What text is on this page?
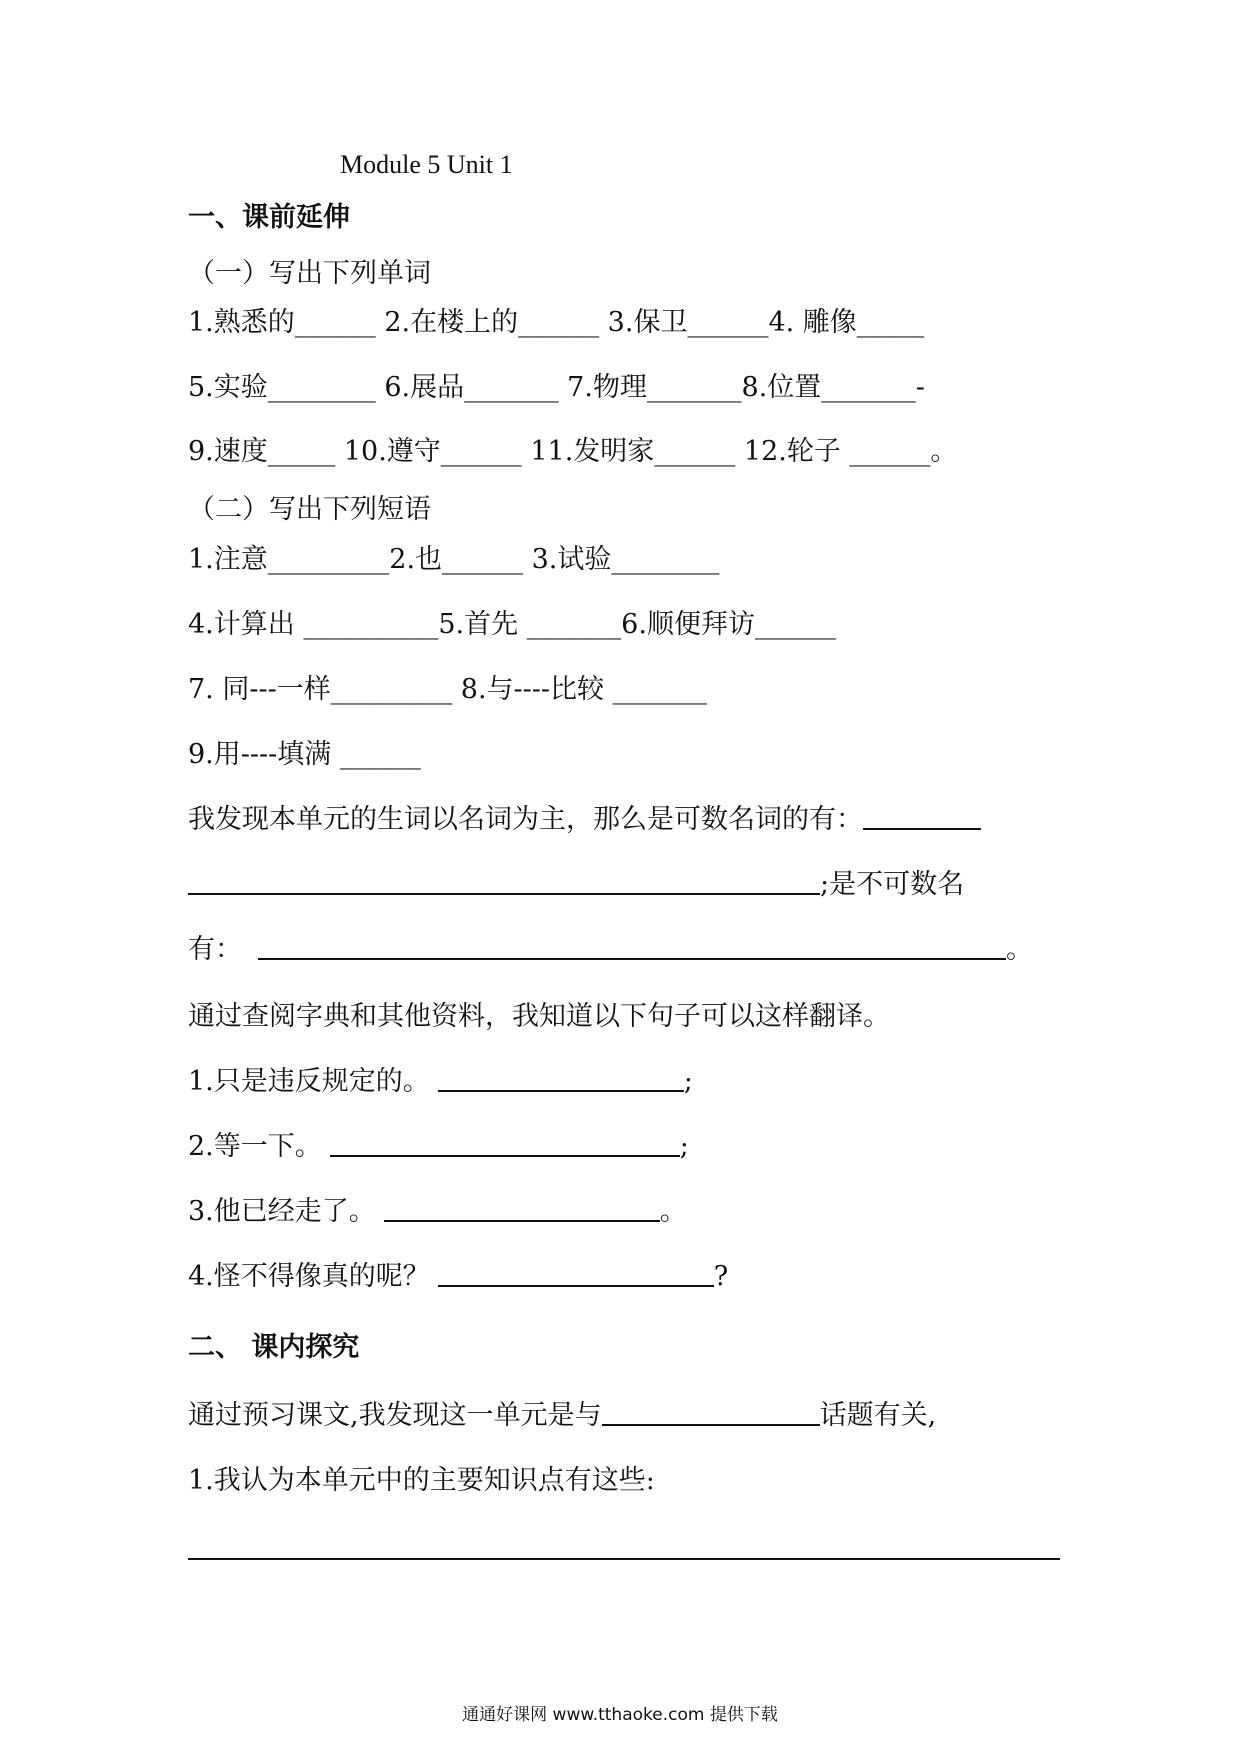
Module 5 Unit 1
一、课前延伸
（一）写出下列单词
1.熟悉的______ 2.在楼上的______ 3.保卫______4. 雕像_____
5.实验________ 6.展品_______ 7.物理_______8.位置_______-
9.速度_____ 10.遵守______ 11.发明家______ 12.轮子 ______。
（二）写出下列短语
1.注意_________2.也______ 3.试验________
4.计算出 __________5.首先 _______6.顺便拜访______
7. 同---一样_________ 8.与----比较 _______
9.用----填满 ______
我发现本单元的生词以名词为主，那么是可数名词的有：
;是不可数名
有：	。
通过查阅字典和其他资料，我知道以下句子可以这样翻译。
1.只是违反规定的。	;
2.等一下。	;
3.他已经走了。	。
4.怪不得像真的呢？	?
二、 课内探究
通过预习课文,我发现这一单元是与	话题有关,
1.我认为本单元中的主要知识点有这些:
通通好课网 www.tthaoke.com 提供下载
